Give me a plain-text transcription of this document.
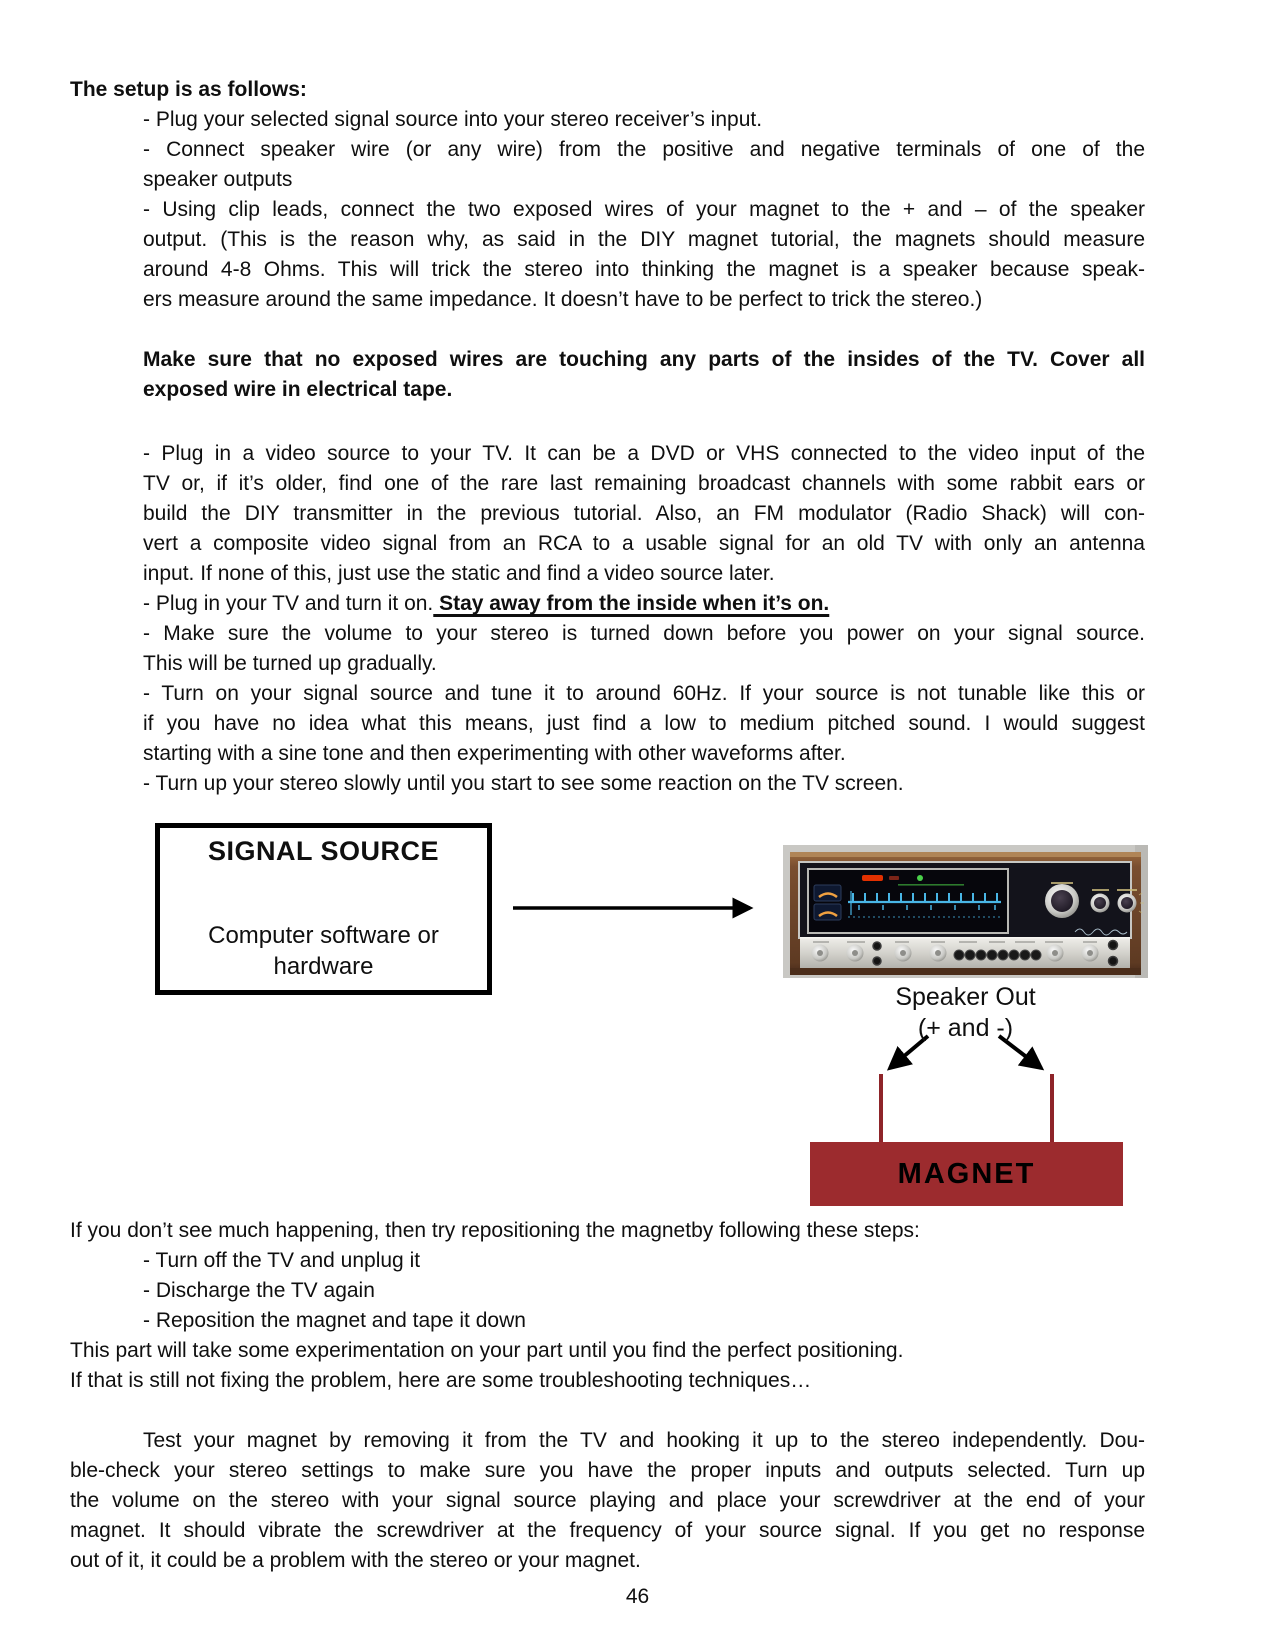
The setup is as follows:
- Plug your selected signal source into your stereo receiver’s input.
- Connect speaker wire (or any wire) from the positive and negative terminals of one of the
speaker outputs
- Using clip leads, connect the two exposed wires of your magnet to the + and – of the speaker
output. (This is the reason why, as said in the DIY magnet tutorial, the magnets should measure
around 4-8 Ohms. This will trick the stereo into thinking the magnet is a speaker because speak-
ers measure around the same impedance. It doesn’t have to be perfect to trick the stereo.)
Make sure that no exposed wires are touching any parts of the insides of the TV. Cover all
exposed wire in electrical tape.
- Plug in a video source to your TV. It can be a DVD or VHS connected to the video input of the
TV or, if it’s older, find one of the rare last remaining broadcast channels with some rabbit ears or
build the DIY transmitter in the previous tutorial. Also, an FM modulator (Radio Shack) will con-
vert a composite video signal from an RCA to a usable signal for an old TV with only an antenna
input. If none of this, just use the static and find a video source later.
- Plug in your TV and turn it on. Stay away from the inside when it’s on.
- Make sure the volume to your stereo is turned down before you power on your signal source.
This will be turned up gradually.
- Turn on your signal source and tune it to around 60Hz. If your source is not tunable like this or
if you have no idea what this means, just find a low to medium pitched sound. I would suggest
starting with a sine tone and then experimenting with other waveforms after.
- Turn up your stereo slowly until you start to see some reaction on the TV screen.
SIGNAL SOURCE
Computer software or
hardware
Speaker Out
(+ and -)
MAGNET
If you don’t see much happening, then try repositioning the magnetby following these steps:
- Turn off the TV and unplug it
- Discharge the TV again
- Reposition the magnet and tape it down
This part will take some experimentation on your part until you find the perfect positioning.
If that is still not fixing the problem, here are some troubleshooting techniques…
Test your magnet by removing it from the TV and hooking it up to the stereo independently. Dou-
ble-check your stereo settings to make sure you have the proper inputs and outputs selected. Turn up
the volume on the stereo with your signal source playing and place your screwdriver at the end of your
magnet. It should vibrate the screwdriver at the frequency of your source signal. If you get no response
out of it, it could be a problem with the stereo or your magnet.
46
